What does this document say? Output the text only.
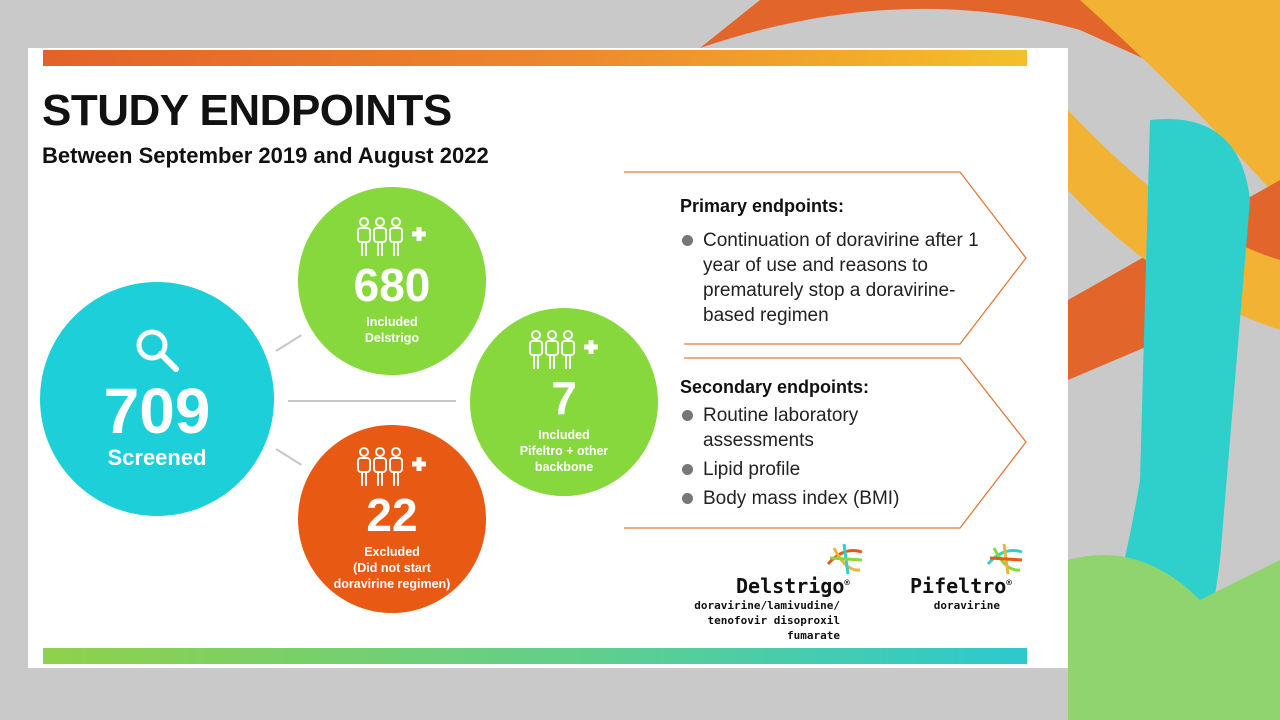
STUDY ENDPOINTS
Between September 2019 and August 2022
709
Screened
680
Included
Delstrigo
7
Included
Pifeltro + other
backbone
22
Excluded
(Did not start
doravirine regimen)
Primary endpoints:
Continuation of doravirine after 1 year of use and reasons to prematurely stop a doravirine-based regimen
Secondary endpoints:
Routine laboratory assessments
Lipid profile
Body mass index (BMI)
Delstrigo®
doravirine/lamivudine/
tenofovir disoproxil fumarate
Pifeltro®
doravirine
